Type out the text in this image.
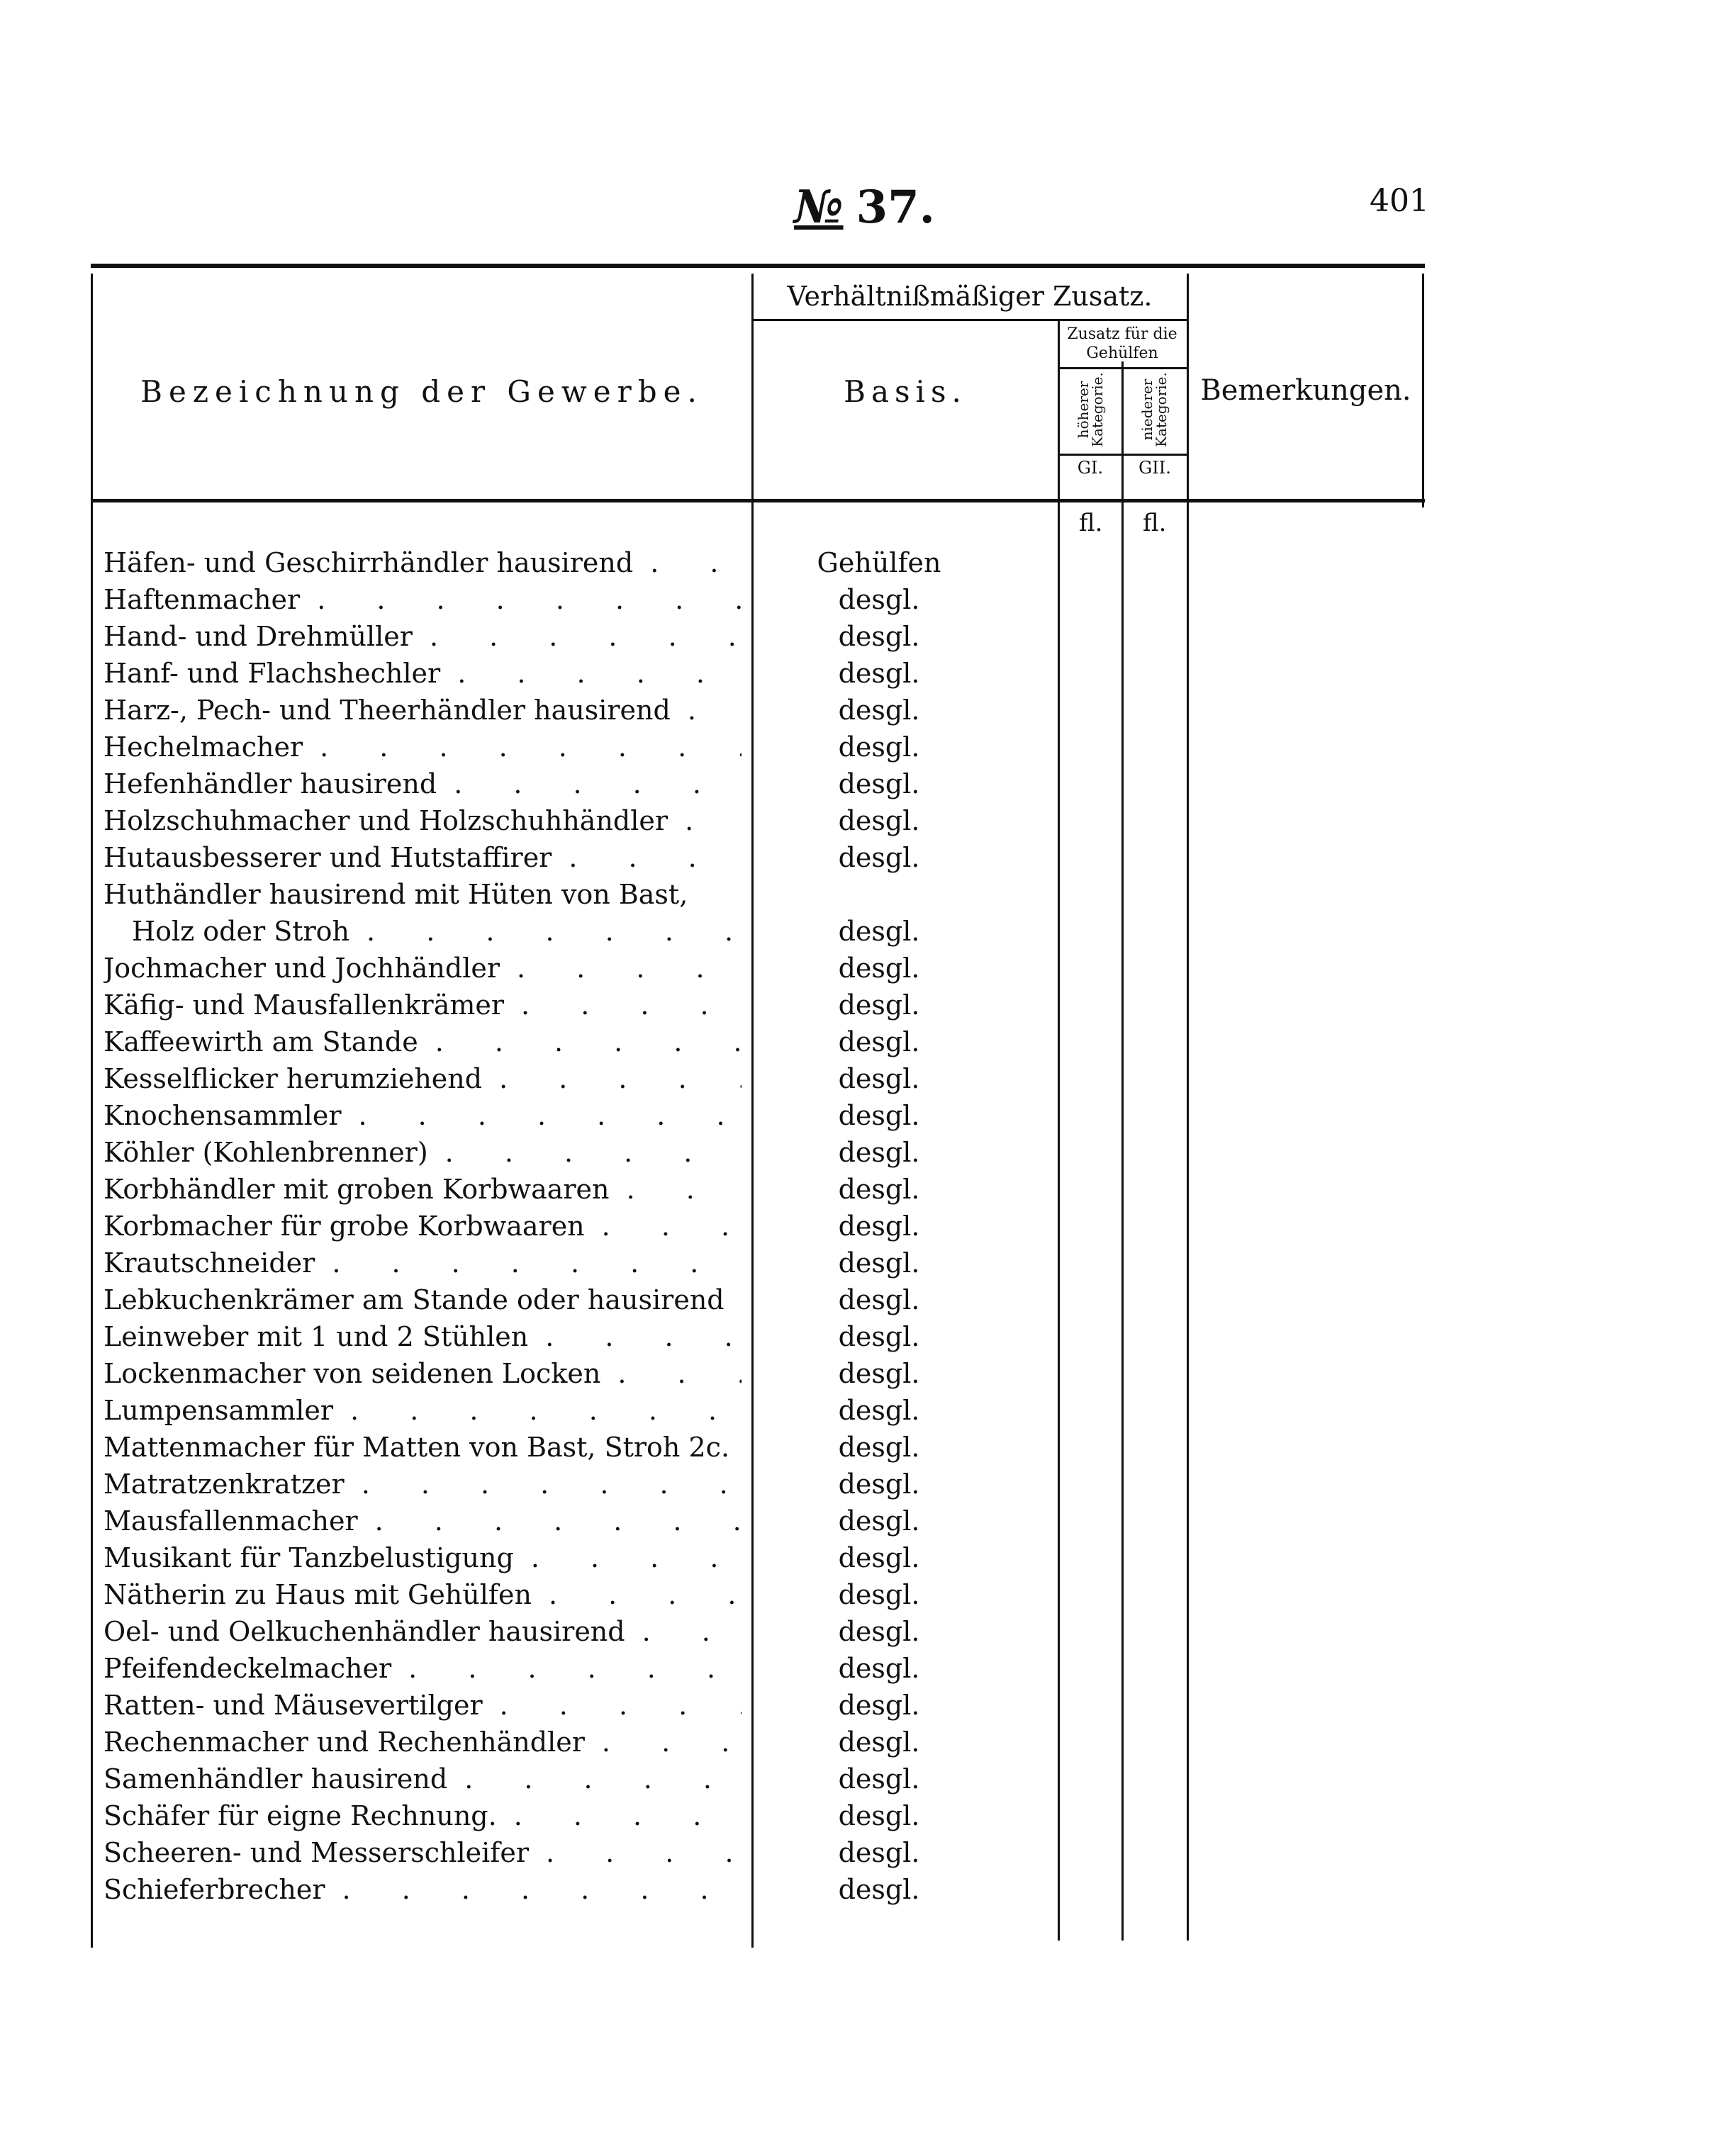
№ 37.	401
Bezeichnung der Gewerbe.
Verhältnißmäßiger Zusatz.
Basis.
Zusatz für die Gehülfen
höherer Kategorie. niederer Kategorie.
GI.	GII.
Bemerkungen.
fl. fl.
Häfen- und Geschirrhändler hausirend . . .	Gehülfen
Haftenmacher . . .	desgl.
Hand- und Drehmüller . . .	desgl.
Hanf- und Flachshechler . . .	desgl.
Harz-, Pech- und Theerhändler hausirend . . .	desgl.
Hechelmacher . . .	desgl.
Hefenhändler hausirend . . .	desgl.
Holzschuhmacher und Holzschuhhändler . . .	desgl.
Hutausbesserer und Hutstaffirer . . .	desgl.
Huthändler hausirend mit Hüten von Bast,
Holz oder Stroh . . .	desgl.
Jochmacher und Jochhändler . . .	desgl.
Käfig- und Mausfallenkrämer . . .	desgl.
Kaffeewirth am Stande . . .	desgl.
Kesselflicker herumziehend . . .	desgl.
Knochensammler . . .	desgl.
Köhler (Kohlenbrenner) . . .	desgl.
Korbhändler mit groben Korbwaaren . . .	desgl.
Korbmacher für grobe Korbwaaren . . .	desgl.
Krautschneider . . .	desgl.
Lebkuchenkrämer am Stande oder hausirend . . .	desgl.
Leinweber mit 1 und 2 Stühlen . . .	desgl.
Lockenmacher von seidenen Locken . . .	desgl.
Lumpensammler . . .	desgl.
Mattenmacher für Matten von Bast, Stroh 2c. . . .	desgl.
Matratzenkratzer . . .	desgl.
Mausfallenmacher . . .	desgl.
Musikant für Tanzbelustigung . . .	desgl.
Nätherin zu Haus mit Gehülfen . . .	desgl.
Oel- und Oelkuchenhändler hausirend . . .	desgl.
Pfeifendeckelmacher . . .	desgl.
Ratten- und Mäusevertilger . . .	desgl.
Rechenmacher und Rechenhändler . . .	desgl.
Samenhändler hausirend . . .	desgl.
Schäfer für eigne Rechnung. . . .	desgl.
Scheeren- und Messerschleifer . . .	desgl.
Schieferbrecher . . .	desgl.
